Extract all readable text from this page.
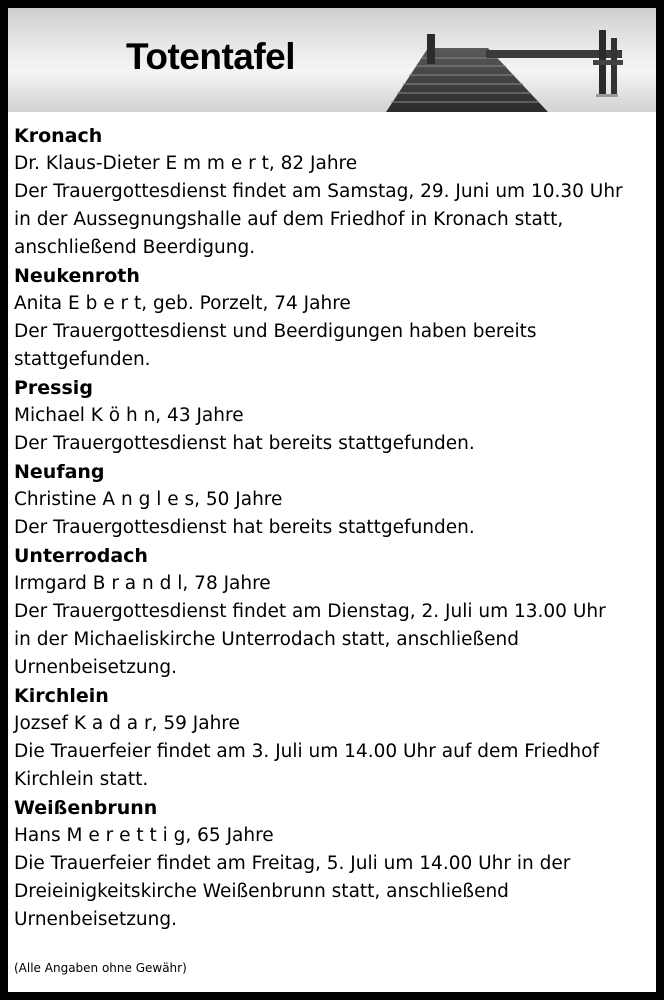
Totentafel

Kronach

Dr. Klaus-Dieter E m m e r t, 82 Jahre

Der Trauergottesdienst findet am Samstag, 29. Juni um 10.30 Uhr

in der Aussegnungshalle auf dem Friedhof in Kronach statt,

anschließend Beerdigung.

Neukenroth

Anita E b e r t, geb. Porzelt, 74 Jahre

Der Trauergottesdienst und Beerdigungen haben bereits

stattgefunden.

Pressig

Michael K ö h n, 43 Jahre

Der Trauergottesdienst hat bereits stattgefunden.

Neufang

Christine A n g l e s, 50 Jahre

Der Trauergottesdienst hat bereits stattgefunden.

Unterrodach

Irmgard B r a n d l, 78 Jahre

Der Trauergottesdienst findet am Dienstag, 2. Juli um 13.00 Uhr

in der Michaeliskirche Unterrodach statt, anschließend

Urnenbeisetzung.

Kirchlein

Jozsef K a d a r, 59 Jahre

Die Trauerfeier findet am 3. Juli um 14.00 Uhr auf dem Friedhof

Kirchlein statt.

Weißenbrunn

Hans M e r e t t i g, 65 Jahre

Die Trauerfeier findet am Freitag, 5. Juli um 14.00 Uhr in der

Dreieinigkeitskirche Weißenbrunn statt, anschließend

Urnenbeisetzung.

(Alle Angaben ohne Gewähr)
